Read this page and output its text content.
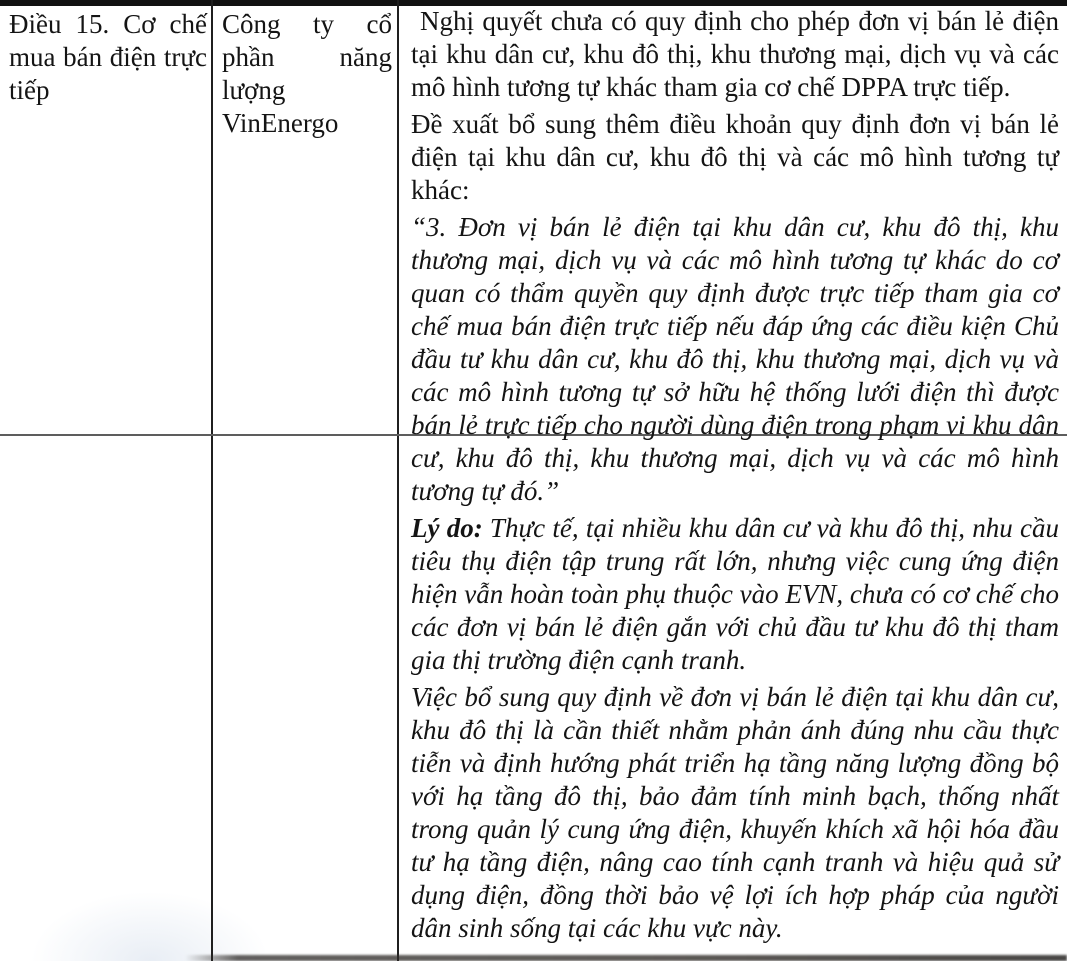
Điều 15. Cơ chế mua bán điện trực tiếp
Công ty cổ phần năng lượng VinEnergo

Nghị quyết chưa có quy định cho phép đơn vị bán lẻ điện tại khu dân cư, khu đô thị, khu thương mại, dịch vụ và các mô hình tương tự khác tham gia cơ chế DPPA trực tiếp.

Đề xuất bổ sung thêm điều khoản quy định đơn vị bán lẻ điện tại khu dân cư, khu đô thị và các mô hình tương tự khác:

“3. Đơn vị bán lẻ điện tại khu dân cư, khu đô thị, khu thương mại, dịch vụ và các mô hình tương tự khác do cơ quan có thẩm quyền quy định được trực tiếp tham gia cơ chế mua bán điện trực tiếp nếu đáp ứng các điều kiện Chủ đầu tư khu dân cư, khu đô thị, khu thương mại, dịch vụ và các mô hình tương tự sở hữu hệ thống lưới điện thì được bán lẻ trực tiếp cho người dùng điện trong phạm vi khu dân cư, khu đô thị, khu thương mại, dịch vụ và các mô hình tương tự đó.”

Lý do: Thực tế, tại nhiều khu dân cư và khu đô thị, nhu cầu tiêu thụ điện tập trung rất lớn, nhưng việc cung ứng điện hiện vẫn hoàn toàn phụ thuộc vào EVN, chưa có cơ chế cho các đơn vị bán lẻ điện gắn với chủ đầu tư khu đô thị tham gia thị trường điện cạnh tranh.

Việc bổ sung quy định về đơn vị bán lẻ điện tại khu dân cư, khu đô thị là cần thiết nhằm phản ánh đúng nhu cầu thực tiễn và định hướng phát triển hạ tầng năng lượng đồng bộ với hạ tầng đô thị, bảo đảm tính minh bạch, thống nhất trong quản lý cung ứng điện, khuyến khích xã hội hóa đầu tư hạ tầng điện, nâng cao tính cạnh tranh và hiệu quả sử dụng điện, đồng thời bảo vệ lợi ích hợp pháp của người dân sinh sống tại các khu vực này.
